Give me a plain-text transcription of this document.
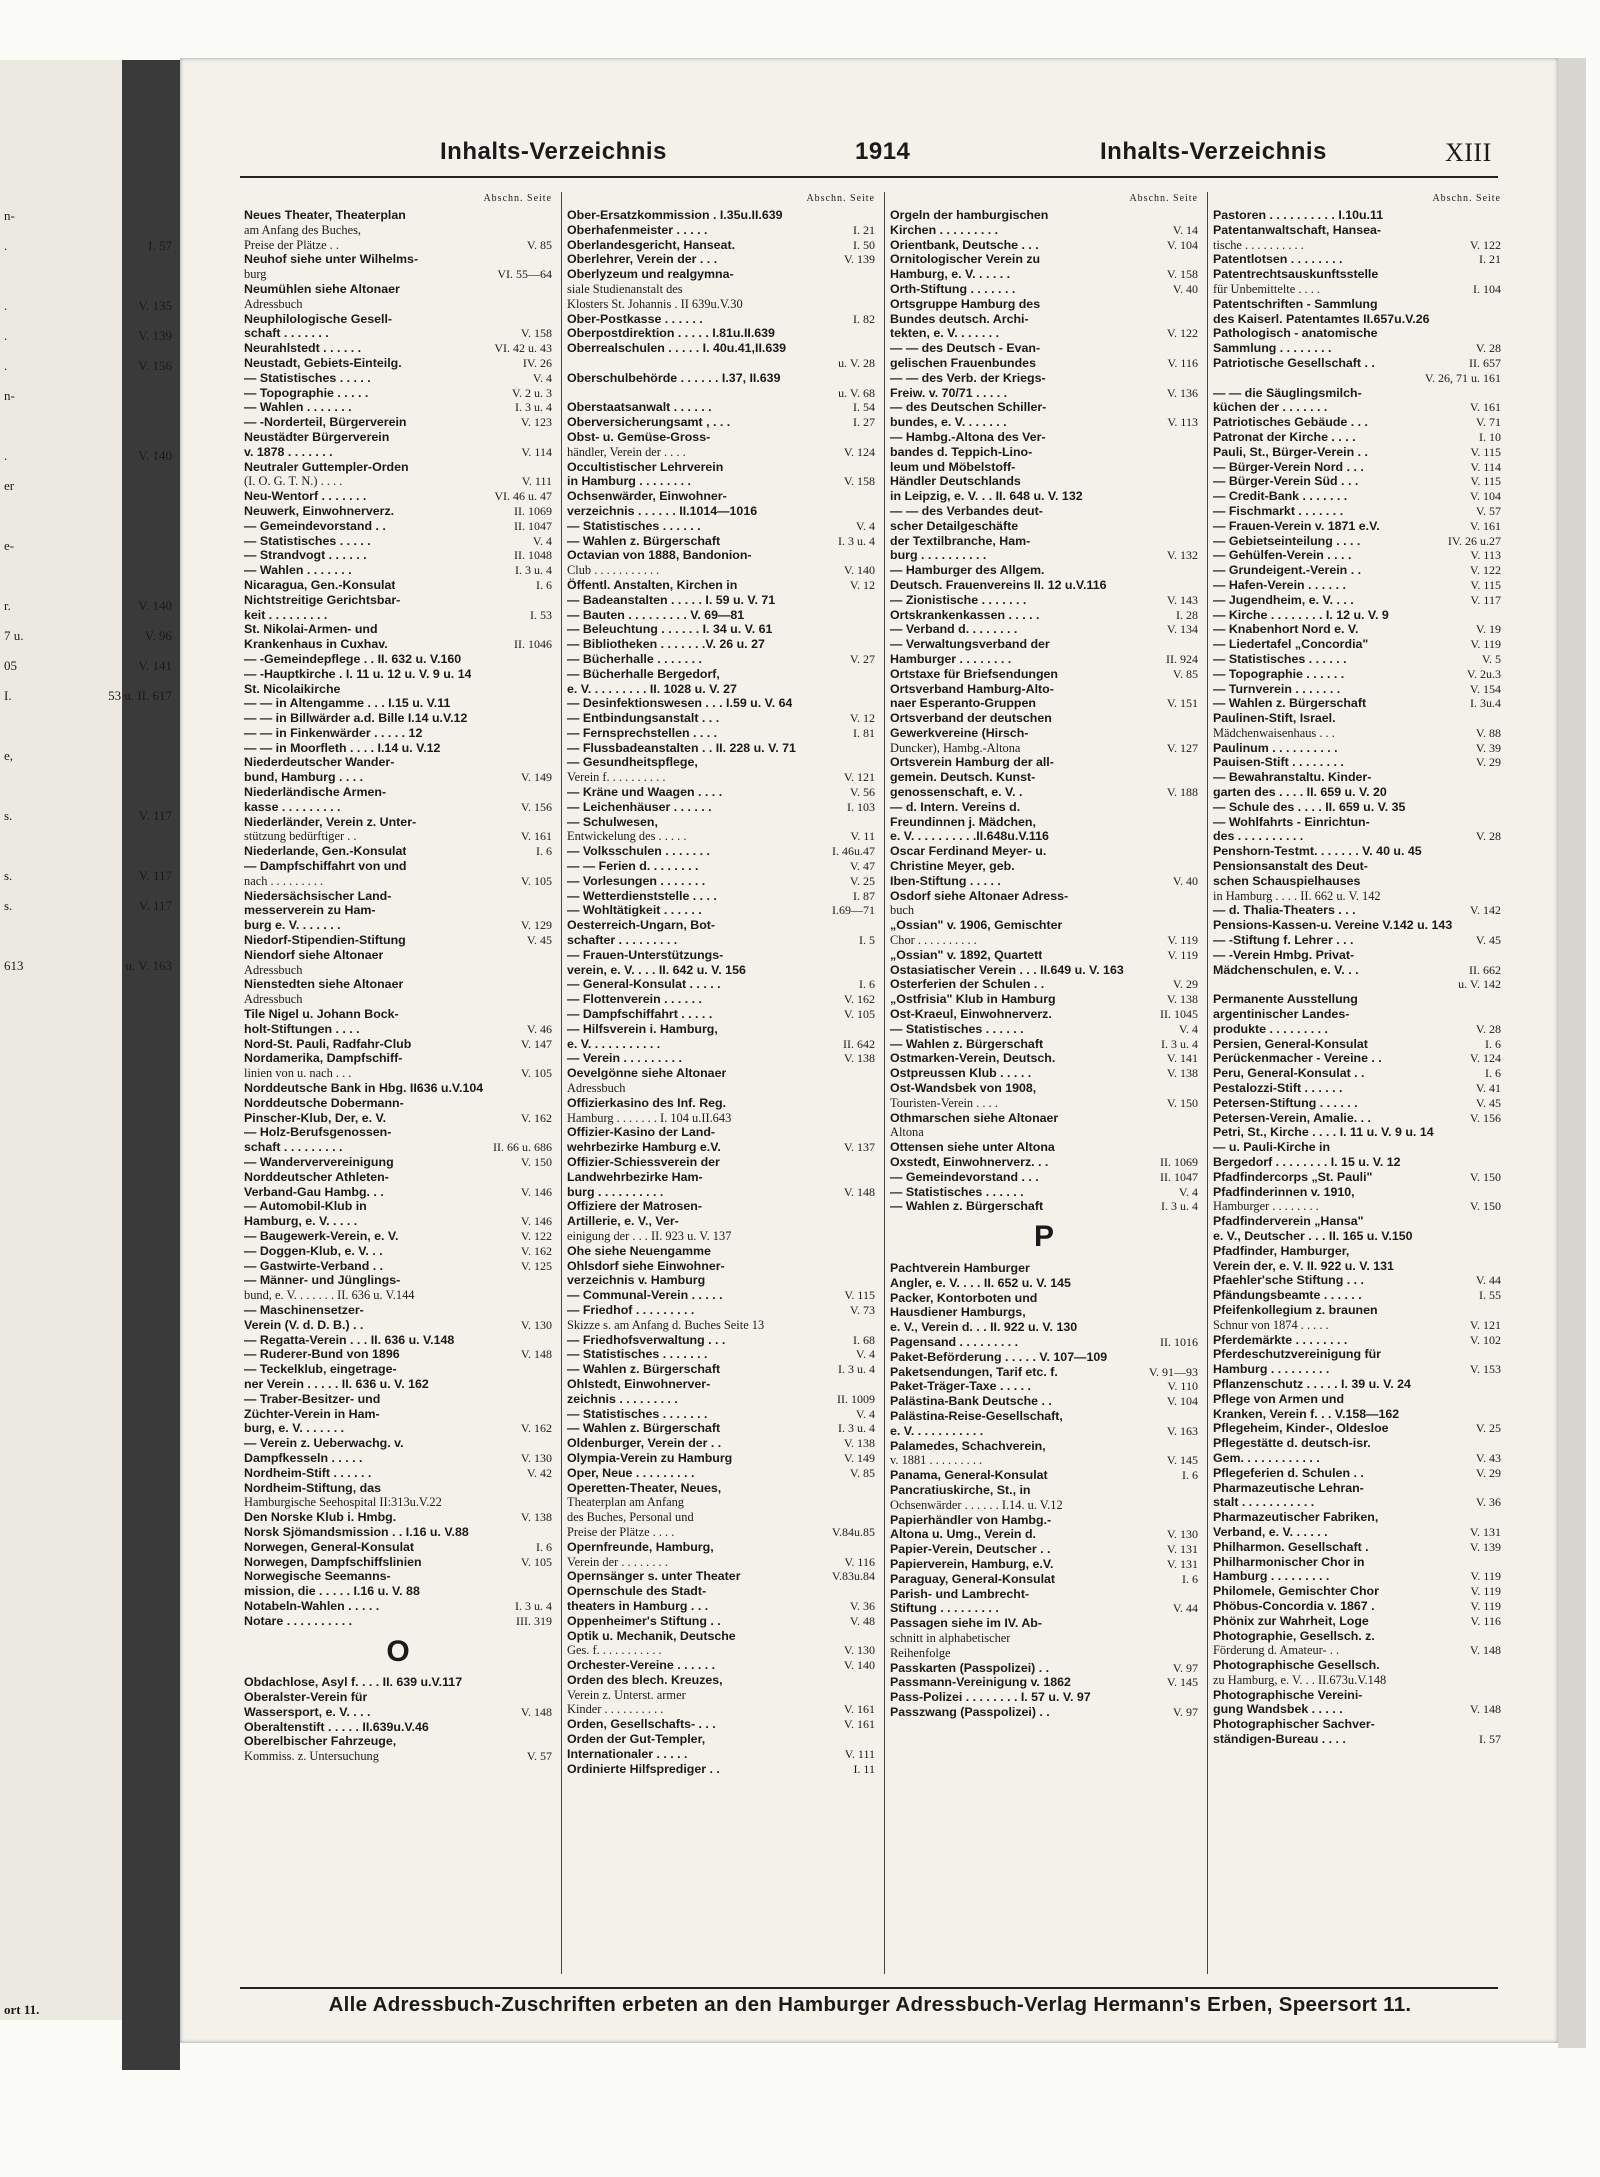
n-
.	I. 57
.	V. 135
.	V. 139
.	V. 156
n-
.	V. 140
er
e-
r.	V. 140
7 u.	V. 96
05	V. 141
I.	53 u. II. 617
e,
s.	V. 117
s.	V. 117
s.	V. 117
613	u. V. 163
ort 11.
Inhalts-Verzeichnis	1914	Inhalts-Verzeichnis	XIII
Abschn. Seite
Neues Theater, Theaterplan
am Anfang des Buches,
Preise der Plätze . .	V. 85
Neuhof siehe unter Wilhelms-
burg	VI. 55—64
Neumühlen siehe Altonaer
Adressbuch
Neuphilologische Gesell-
schaft . . . . . . .	V. 158
Neurahlstedt . . . . . .	VI. 42 u. 43
Neustadt, Gebiets-Einteilg.	IV. 26
— Statistisches . . . . .	V. 4
— Topographie . . . . .	V. 2 u. 3
— Wahlen . . . . . . .	I. 3 u. 4
— -Norderteil, Bürgerverein	V. 123
Neustädter Bürgerverein
v. 1878 . . . . . . .	V. 114
Neutraler Guttempler-Orden
(I. O. G. T. N.) . . . .	V. 111
Neu-Wentorf . . . . . . .	VI. 46 u. 47
Neuwerk, Einwohnerverz.	II. 1069
— Gemeindevorstand . .	II. 1047
— Statistisches . . . . .	V. 4
— Strandvogt . . . . . .	II. 1048
— Wahlen . . . . . . .	I. 3 u. 4
Nicaragua, Gen.-Konsulat	I. 6
Nichtstreitige Gerichtsbar-
keit . . . . . . . . .	I. 53
St. Nikolai-Armen- und
Krankenhaus in Cuxhav.	II. 1046
— -Gemeindepflege . . II. 632 u. V.160
— -Hauptkirche . I. 11 u. 12 u. V. 9 u. 14
St. Nicolaikirche
— — in Altengamme . . . I.15 u. V.11
— — in Billwärder a.d. Bille I.14 u.V.12
— — in Finkenwärder . . . . . 12
— — in Moorfleth . . . . I.14 u. V.12
Niederdeutscher Wander-
bund, Hamburg . . . .	V. 149
Niederländische Armen-
kasse . . . . . . . . .	V. 156
Niederländer, Verein z. Unter-
stützung bedürftiger . .	V. 161
Niederlande, Gen.-Konsulat	I. 6
— Dampfschiffahrt von und
nach . . . . . . . . .	V. 105
Niedersächsischer Land-
messerverein zu Ham-
burg e. V. . . . . . .	V. 129
Niedorf-Stipendien-Stiftung	V. 45
Niendorf siehe Altonaer
Adressbuch
Nienstedten siehe Altonaer
Adressbuch
Tile Nigel u. Johann Bock-
holt-Stiftungen . . . .	V. 46
Nord-St. Pauli, Radfahr-Club	V. 147
Nordamerika, Dampfschiff-
linien von u. nach . . .	V. 105
Norddeutsche Bank in Hbg. II636 u.V.104
Norddeutsche Dobermann-
Pinscher-Klub, Der, e. V.	V. 162
— Holz-Berufsgenossen-
schaft . . . . . . . . .	II. 66 u. 686
— Wanderververeinigung	V. 150
Norddeutscher Athleten-
Verband-Gau Hambg. . .	V. 146
— Automobil-Klub in
Hamburg, e. V. . . . .	V. 146
— Baugewerk-Verein, e. V.	V. 122
— Doggen-Klub, e. V. . .	V. 162
— Gastwirte-Verband . .	V. 125
— Männer- und Jünglings-
bund, e. V. . . . . . . II. 636 u. V.144
— Maschinensetzer-
Verein (V. d. D. B.) . .	V. 130
— Regatta-Verein . . . II. 636 u. V.148
— Ruderer-Bund von 1896	V. 148
— Teckelklub, eingetrage-
ner Verein . . . . . II. 636 u. V. 162
— Traber-Besitzer- und
Züchter-Verein in Ham-
burg, e. V. . . . . . .	V. 162
— Verein z. Ueberwachg. v.
Dampfkesseln . . . . .	V. 130
Nordheim-Stift . . . . . .	V. 42
Nordheim-Stiftung, das
Hamburgische Seehospital II:313u.V.22
Den Norske Klub i. Hmbg.	V. 138
Norsk Sjömandsmission . . I.16 u. V.88
Norwegen, General-Konsulat	I. 6
Norwegen, Dampfschiffslinien	V. 105
Norwegische Seemanns-
mission, die . . . . . I.16 u. V. 88
Notabeln-Wahlen . . . . .	I. 3 u. 4
Notare . . . . . . . . . .	III. 319
O
Obdachlose, Asyl f. . . . II. 639 u.V.117
Oberalster-Verein für
Wassersport, e. V. . . .	V. 148
Oberaltenstift . . . . . II.639u.V.46
Oberelbischer Fahrzeuge,
Kommiss. z. Untersuchung	V. 57
Abschn. Seite
Ober-Ersatzkommission . I.35u.II.639
Oberhafenmeister . . . . .	I. 21
Oberlandesgericht, Hanseat.	I. 50
Oberlehrer, Verein der . . .	V. 139
Oberlyzeum und realgymna-
siale Studienanstalt des
Klosters St. Johannis . II 639u.V.30
Ober-Postkasse . . . . . .	I. 82
Oberpostdirektion . . . . . I.81u.II.639
Oberrealschulen . . . . . I. 40u.41,II.639
u. V. 28
Oberschulbehörde . . . . . . I.37, II.639
u. V. 68
Oberstaatsanwalt . . . . . .	I. 54
Oberversicherungsamt , . . .	I. 27
Obst- u. Gemüse-Gross-
händler, Verein der . . . .	V. 124
Occultistischer Lehrverein
in Hamburg . . . . . . . .	V. 158
Ochsenwärder, Einwohner-
verzeichnis . . . . . . II.1014—1016
— Statistisches . . . . . .	V. 4
— Wahlen z. Bürgerschaft	I. 3 u. 4
Octavian von 1888, Bandonion-
Club . . . . . . . . . . .	V. 140
Öffentl. Anstalten, Kirchen in	V. 12
— Badeanstalten . . . . . I. 59 u. V. 71
— Bauten . . . . . . . . . V. 69—81
— Beleuchtung . . . . . . I. 34 u. V. 61
— Bibliotheken . . . . . . .V. 26 u. 27
— Bücherhalle . . . . . . .	V. 27
— Bücherhalle Bergedorf,
e. V. . . . . . . . . II. 1028 u. V. 27
— Desinfektionswesen . . . I.59 u. V. 64
— Entbindungsanstalt . . .	V. 12
— Fernsprechstellen . . . .	I. 81
— Flussbadeanstalten . . II. 228 u. V. 71
— Gesundheitspflege,
Verein f. . . . . . . . . .	V. 121
— Kräne und Waagen . . . .	V. 56
— Leichenhäuser . . . . . .	I. 103
— Schulwesen,
Entwickelung des . . . . .	V. 11
— Volksschulen . . . . . . .	I. 46u.47
— — Ferien d. . . . . . . .	V. 47
— Vorlesungen . . . . . . .	V. 25
— Wetterdienststelle . . . .	I. 87
— Wohltätigkeit . . . . . .	I.69—71
Oesterreich-Ungarn, Bot-
schafter . . . . . . . . .	I. 5
— Frauen-Unterstützungs-
verein, e. V. . . . II. 642 u. V. 156
— General-Konsulat . . . . .	I. 6
— Flottenverein . . . . . .	V. 162
— Dampfschiffahrt . . . . .	V. 105
— Hilfsverein i. Hamburg,
e. V. . . . . . . . . . .	II. 642
— Verein . . . . . . . . .	V. 138
Oevelgönne siehe Altonaer
Adressbuch
Offizierkasino des Inf. Reg.
Hamburg . . . . . . . I. 104 u.II.643
Offizier-Kasino der Land-
wehrbezirke Hamburg e.V.	V. 137
Offizier-Schiessverein der
Landwehrbezirke Ham-
burg . . . . . . . . . .	V. 148
Offiziere der Matrosen-
Artillerie, e. V., Ver-
einigung der . . . II. 923 u. V. 137
Ohe siehe Neuengamme
Ohlsdorf siehe Einwohner-
verzeichnis v. Hamburg
— Communal-Verein . . . . .	V. 115
— Friedhof . . . . . . . . .	V. 73
Skizze s. am Anfang d. Buches Seite 13
— Friedhofsverwaltung . . .	I. 68
— Statistisches . . . . . . .	V. 4
— Wahlen z. Bürgerschaft	I. 3 u. 4
Ohlstedt, Einwohnerver-
zeichnis . . . . . . . . .	II. 1009
— Statistisches . . . . . . .	V. 4
— Wahlen z. Bürgerschaft	I. 3 u. 4
Oldenburger, Verein der . .	V. 138
Olympia-Verein zu Hamburg	V. 149
Oper, Neue . . . . . . . . .	V. 85
Operetten-Theater, Neues,
Theaterplan am Anfang
des Buches, Personal und
Preise der Plätze . . . .	V.84u.85
Opernfreunde, Hamburg,
Verein der . . . . . . . .	V. 116
Opernsänger s. unter Theater	V.83u.84
Opernschule des Stadt-
theaters in Hamburg . . .	V. 36
Oppenheimer's Stiftung . .	V. 48
Optik u. Mechanik, Deutsche
Ges. f. . . . . . . . . . .	V. 130
Orchester-Vereine . . . . . .	V. 140
Orden des blech. Kreuzes,
Verein z. Unterst. armer
Kinder . . . . . . . . . .	V. 161
Orden, Gesellschafts- . . .	V. 161
Orden der Gut-Templer,
Internationaler . . . . .	V. 111
Ordinierte Hilfsprediger . .	I. 11
Abschn. Seite
Orgeln der hamburgischen
Kirchen . . . . . . . . .	V. 14
Orientbank, Deutsche . . .	V. 104
Ornitologischer Verein zu
Hamburg, e. V. . . . . .	V. 158
Orth-Stiftung . . . . . . .	V. 40
Ortsgruppe Hamburg des
Bundes deutsch. Archi-
tekten, e. V. . . . . . .	V. 122
— — des Deutsch - Evan-
gelischen Frauenbundes	V. 116
— — des Verb. der Kriegs-
Freiw. v. 70/71 . . . . .	V. 136
— des Deutschen Schiller-
bundes, e. V. . . . . . .	V. 113
— Hambg.-Altona des Ver-
bandes d. Teppich-Lino-
leum und Möbelstoff-
Händler Deutschlands
in Leipzig, e. V. . . II. 648 u. V. 132
— — des Verbandes deut-
scher Detailgeschäfte
der Textilbranche, Ham-
burg . . . . . . . . . .	V. 132
— Hamburger des Allgem.
Deutsch. Frauenvereins II. 12 u.V.116
— Zionistische . . . . . . .	V. 143
Ortskrankenkassen . . . . .	I. 28
— Verband d. . . . . . . .	V. 134
— Verwaltungsverband der
Hamburger . . . . . . . .	II. 924
Ortstaxe für Briefsendungen	V. 85
Ortsverband Hamburg-Alto-
naer Esperanto-Gruppen	V. 151
Ortsverband der deutschen
Gewerkvereine (Hirsch-
Duncker), Hambg.-Altona	V. 127
Ortsverein Hamburg der all-
gemein. Deutsch. Kunst-
genossenschaft, e. V. .	V. 188
— d. Intern. Vereins d.
Freundinnen j. Mädchen,
e. V. . . . . . . . . .II.648u.V.116
Oscar Ferdinand Meyer- u.
Christine Meyer, geb.
Iben-Stiftung . . . . .	V. 40
Osdorf siehe Altonaer Adress-
buch
„Ossian" v. 1906, Gemischter
Chor . . . . . . . . . .	V. 119
„Ossian" v. 1892, Quartett	V. 119
Ostasiatischer Verein . . . II.649 u. V. 163
Osterferien der Schulen . .	V. 29
„Ostfrisia" Klub in Hamburg	V. 138
Ost-Kraeul, Einwohnerverz.	II. 1045
— Statistisches . . . . . .	V. 4
— Wahlen z. Bürgerschaft	I. 3 u. 4
Ostmarken-Verein, Deutsch.	V. 141
Ostpreussen Klub . . . . .	V. 138
Ost-Wandsbek von 1908,
Touristen-Verein . . . .	V. 150
Othmarschen siehe Altonaer
Altona
Ottensen siehe unter Altona
Oxstedt, Einwohnerverz. . .	II. 1069
— Gemeindevorstand . . .	II. 1047
— Statistisches . . . . . .	V. 4
— Wahlen z. Bürgerschaft	I. 3 u. 4
P
Pachtverein Hamburger
Angler, e. V. . . . II. 652 u. V. 145
Packer, Kontorboten und
Hausdiener Hamburgs,
e. V., Verein d. . . II. 922 u. V. 130
Pagensand . . . . . . . . .	II. 1016
Paket-Beförderung . . . . . V. 107—109
Paketsendungen, Tarif etc. f.	V. 91—93
Paket-Träger-Taxe . . . . .	V. 110
Palästina-Bank Deutsche . .	V. 104
Palästina-Reise-Gesellschaft,
e. V. . . . . . . . . . .	V. 163
Palamedes, Schachverein,
v. 1881 . . . . . . . . .	V. 145
Panama, General-Konsulat	I. 6
Pancratiuskirche, St., in
Ochsenwärder . . . . . . I.14. u. V.12
Papierhändler von Hambg.-
Altona u. Umg., Verein d.	V. 130
Papier-Verein, Deutscher . .	V. 131
Papierverein, Hamburg, e.V.	V. 131
Paraguay, General-Konsulat	I. 6
Parish- und Lambrecht-
Stiftung . . . . . . . . .	V. 44
Passagen siehe im IV. Ab-
schnitt in alphabetischer
Reihenfolge
Passkarten (Passpolizei) . .	V. 97
Passmann-Vereinigung v. 1862	V. 145
Pass-Polizei . . . . . . . . I. 57 u. V. 97
Passzwang (Passpolizei) . .	V. 97
Abschn. Seite
Pastoren . . . . . . . . . . I.10u.11
Patentanwaltschaft, Hansea-
tische . . . . . . . . . .	V. 122
Patentlotsen . . . . . . . .	I. 21
Patentrechtsauskunftsstelle
für Unbemittelte . . . .	I. 104
Patentschriften - Sammlung
des Kaiserl. Patentamtes II.657u.V.26
Pathologisch - anatomische
Sammlung . . . . . . . .	V. 28
Patriotische Gesellschaft . .	II. 657
V. 26, 71 u. 161
— — die Säuglingsmilch-
küchen der . . . . . . .	V. 161
Patriotisches Gebäude . . .	V. 71
Patronat der Kirche . . . .	I. 10
Pauli, St., Bürger-Verein . .	V. 115
— Bürger-Verein Nord . . .	V. 114
— Bürger-Verein Süd . . .	V. 115
— Credit-Bank . . . . . . .	V. 104
— Fischmarkt . . . . . . .	V. 57
— Frauen-Verein v. 1871 e.V.	V. 161
— Gebietseinteilung . . . .	IV. 26 u.27
— Gehülfen-Verein . . . .	V. 113
— Grundeigent.-Verein . .	V. 122
— Hafen-Verein . . . . . .	V. 115
— Jugendheim, e. V. . . .	V. 117
— Kirche . . . . . . . . I. 12 u. V. 9
— Knabenhort Nord e. V.	V. 19
— Liedertafel „Concordia"	V. 119
— Statistisches . . . . . .	V. 5
— Topographie . . . . . .	V. 2u.3
— Turnverein . . . . . . .	V. 154
— Wahlen z. Bürgerschaft	I. 3u.4
Paulinen-Stift, Israel.
Mädchenwaisenhaus . . .	V. 88
Paulinum . . . . . . . . . .	V. 39
Pauisen-Stift . . . . . . . .	V. 29
— Bewahranstaltu. Kinder-
garten des . . . . II. 659 u. V. 20
— Schule des . . . . II. 659 u. V. 35
— Wohlfahrts - Einrichtun-
des . . . . . . . . . .	V. 28
Penshorn-Testmt. . . . . . . V. 40 u. 45
Pensionsanstalt des Deut-
schen Schauspielhauses
in Hamburg . . . . II. 662 u. V. 142
— d. Thalia-Theaters . . .	V. 142
Pensions-Kassen-u. Vereine V.142 u. 143
— -Stiftung f. Lehrer . . .	V. 45
— -Verein Hmbg. Privat-
Mädchenschulen, e. V. . .	II. 662
u. V. 142
Permanente Ausstellung
argentinischer Landes-
produkte . . . . . . . . .	V. 28
Persien, General-Konsulat	I. 6
Perückenmacher - Vereine . .	V. 124
Peru, General-Konsulat . .	I. 6
Pestalozzi-Stift . . . . . .	V. 41
Petersen-Stiftung . . . . . .	V. 45
Petersen-Verein, Amalie. . .	V. 156
Petri, St., Kirche . . . . I. 11 u. V. 9 u. 14
— u. Pauli-Kirche in
Bergedorf . . . . . . . . I. 15 u. V. 12
Pfadfindercorps „St. Pauli"	V. 150
Pfadfinderinnen v. 1910,
Hamburger . . . . . . . .	V. 150
Pfadfinderverein „Hansa"
e. V., Deutscher . . . II. 165 u. V.150
Pfadfinder, Hamburger,
Verein der, e. V. II. 922 u. V. 131
Pfaehler'sche Stiftung . . .	V. 44
Pfändungsbeamte . . . . . .	I. 55
Pfeifenkollegium z. braunen
Schnur von 1874 . . . . .	V. 121
Pferdemärkte . . . . . . . .	V. 102
Pferdeschutzvereinigung für
Hamburg . . . . . . . . .	V. 153
Pflanzenschutz . . . . . I. 39 u. V. 24
Pflege von Armen und
Kranken, Verein f. . . V.158—162
Pflegeheim, Kinder-, Oldesloe	V. 25
Pflegestätte d. deutsch-isr.
Gem. . . . . . . . . . . .	V. 43
Pflegeferien d. Schulen . .	V. 29
Pharmazeutische Lehran-
stalt . . . . . . . . . . .	V. 36
Pharmazeutischer Fabriken,
Verband, e. V. . . . . .	V. 131
Philharmon. Gesellschaft .	V. 139
Philharmonischer Chor in
Hamburg . . . . . . . . .	V. 119
Philomele, Gemischter Chor	V. 119
Phöbus-Concordia v. 1867 .	V. 119
Phönix zur Wahrheit, Loge	V. 116
Photographie, Gesellsch. z.
Förderung d. Amateur- . .	V. 148
Photographische Gesellsch.
zu Hamburg, e. V. . . II.673u.V.148
Photographische Vereini-
gung Wandsbek . . . . .	V. 148
Photographischer Sachver-
ständigen-Bureau . . . .	I. 57
Alle Adressbuch-Zuschriften erbeten an den Hamburger Adressbuch-Verlag Hermann's Erben, Speersort 11.
